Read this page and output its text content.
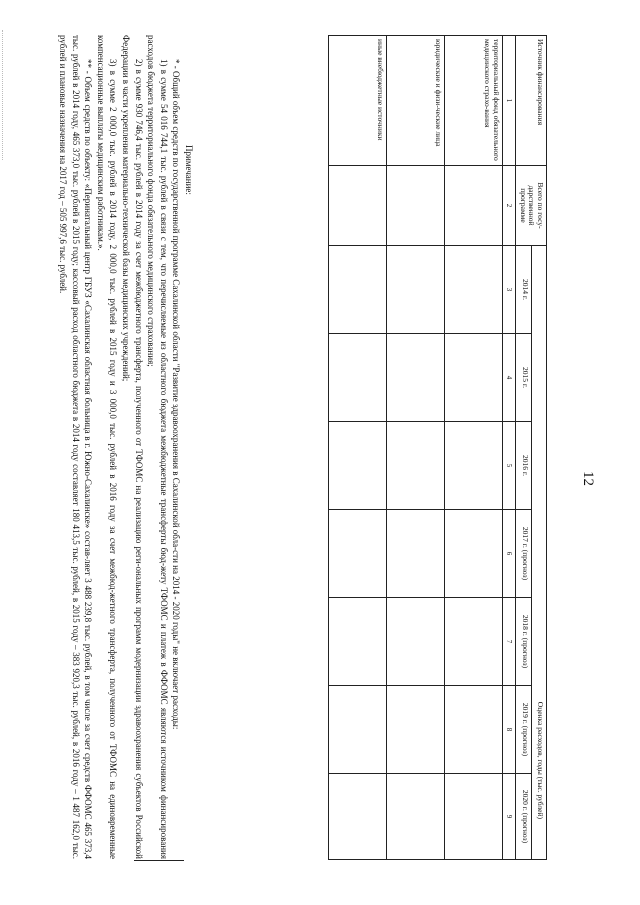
12
Источник финансирования	Всего по госу-дарственной программе	Оценка расходов, годы (тыс. рублей)						
		2014 г.	2015 г.	2016 г.	2017 г. (прогноз)	2018 г. (прогноз)	2019 г. (прогноз)	2020 г. (прогноз)
1	2	3	4	5	6	7	8	9
территориальный фонд обязательного медицинского страхо-вания								
юридические и физи-ческие лица								
иные внебюджетные источники								

Примечание:

* - Общий объем средств по государственной программе Сахалинской области "Развитие здравоохранения в Сахалинской обла-сти на 2014 - 2020 годы" не включает расходы:

1) в сумме 54 016 744,1 тыс. рублей в связи с тем, что перечисляемые из областного бюджета межбюджетные трансферты бюд-жету ТФОМС и платеж в ФФОМС являются источником финансирования расходов бюджета территориального фонда обязательного медицинского страхования;

2) в сумме 930 746,4 тыс. рублей в 2014 году за счет межбюджетного трансферта, полученного от ТФОМС на реализацию реги-ональных программ модернизации здравоохранения субъектов Российской Федерации в части укрепления материально-технической базы медицинских учреждений;

3) в сумме 2 000,0 тыс. рублей в 2014 году, 2 000,0 тыс. рублей в 2015 году и 3 000,0 тыс. рублей в 2016 году за счет межбюд-жетного трансферта, полученного от ТФОМС на единовременные компенсационные выплаты медицинским работникам.».

** - Объем средств по объекту: «Перинатальный центр ГБУЗ «Сахалинская областная больница в г. Южно-Сахалинске» состав-ляет 3 488 239,8 тыс. рублей, в том числе за счет средств ФФОМС 465 373,4 тыс. рублей в 2014 году, 465 373,0 тыс. рублей в 2015 году; кассовый расход областного бюджета в 2014 году составляет 180 413,5 тыс. рублей, в 2015 году – 383 920,3 тыс. рублей, в 2016 году – 1 487 162,0 тыс. рублей и плановые назначения на 2017 год – 505 997,6 тыс. рублей.
